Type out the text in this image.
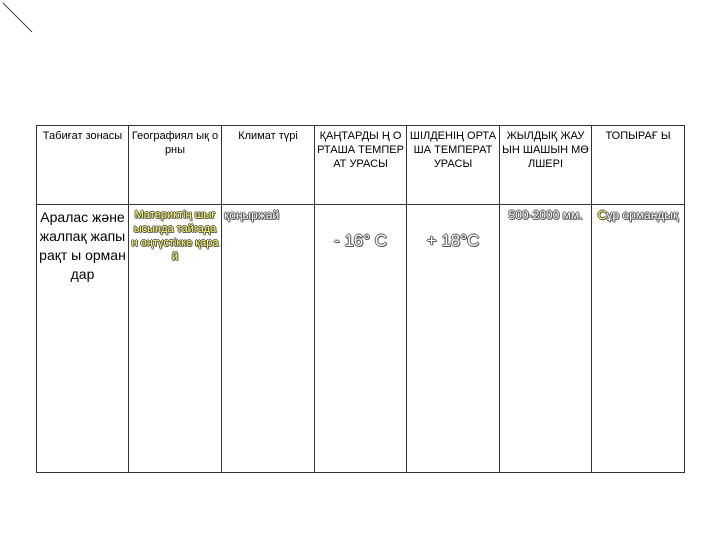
Табиғат зонасы	Географиял ық орны	Климат түрі	ҚАҢТАРДЫ Ң ОРТАША ТЕМПЕРАТ УРАСЫ	ШІЛДЕНІҢ ОРТАША ТЕМПЕРАТ УРАСЫ	ЖЫЛДЫҚ ЖАУЫН ШАШЫН МӨЛШЕРІ	ТОПЫРАҒ Ы
Аралас және жалпақ жапырақт ы ормандар	Материктің шығысында тайгадан оңтүстікке қарай	қоңыржай	- 16° С	+ 18°С	500-2000 мм.	Сұр ормандық
